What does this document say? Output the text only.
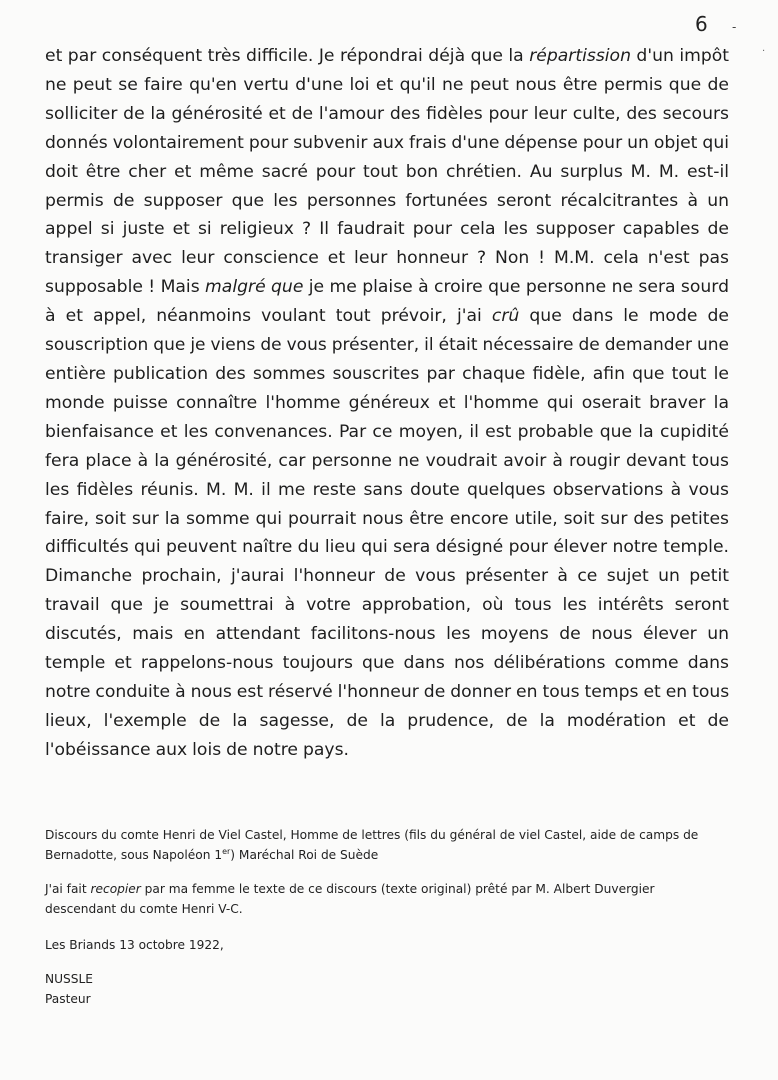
6 -
.
et par conséquent très difficile. Je répondrai déjà que la répartission d'un impôt
ne peut se faire qu'en vertu d'une loi et qu'il ne peut nous être permis que de
solliciter de la générosité et de l'amour des fidèles pour leur culte, des secours
donnés volontairement pour subvenir aux frais d'une dépense pour un objet qui
doit être cher et même sacré pour tout bon chrétien. Au surplus M. M. est-il
permis de supposer que les personnes fortunées seront récalcitrantes à un
appel si juste et si religieux ? Il faudrait pour cela les supposer capables de
transiger avec leur conscience et leur honneur ? Non ! M.M. cela n'est pas
supposable ! Mais malgré que je me plaise à croire que personne ne sera sourd
à et appel, néanmoins voulant tout prévoir, j'ai crû que dans le mode de
souscription que je viens de vous présenter, il était nécessaire de demander une
entière publication des sommes souscrites par chaque fidèle, afin que tout le
monde puisse connaître l'homme généreux et l'homme qui oserait braver la
bienfaisance et les convenances. Par ce moyen, il est probable que la cupidité
fera place à la générosité, car personne ne voudrait avoir à rougir devant tous
les fidèles réunis. M. M. il me reste sans doute quelques observations à vous
faire, soit sur la somme qui pourrait nous être encore utile, soit sur des petites
difficultés qui peuvent naître du lieu qui sera désigné pour élever notre temple.
Dimanche prochain, j'aurai l'honneur de vous présenter à ce sujet un petit
travail que je soumettrai à votre approbation, où tous les intérêts seront
discutés, mais en attendant facilitons-nous les moyens de nous élever un
temple et rappelons-nous toujours que dans nos délibérations comme dans
notre conduite à nous est réservé l'honneur de donner en tous temps et en tous
lieux, l'exemple de la sagesse, de la prudence, de la modération et de
l'obéissance aux lois de notre pays.
Discours du comte Henri de Viel Castel, Homme de lettres (fils du général de viel Castel, aide de camps de
Bernadotte, sous Napoléon 1er) Maréchal Roi de Suède
J'ai fait recopier par ma femme le texte de ce discours (texte original) prêté par M. Albert Duvergier
descendant du comte Henri V-C.
Les Briands 13 octobre 1922,
NUSSLE
Pasteur
